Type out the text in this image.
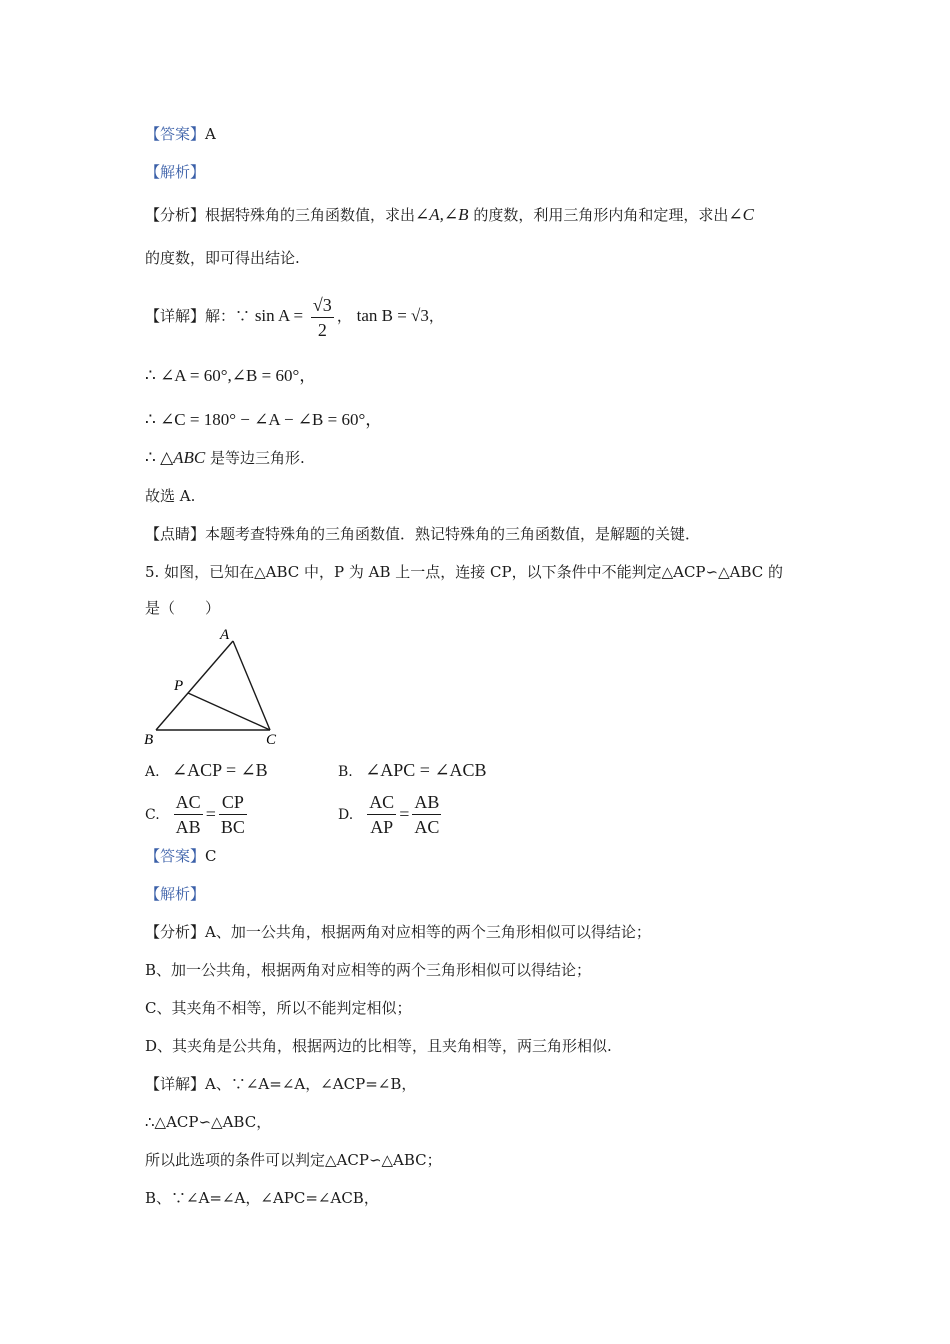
【答案】A
【解析】
【分析】根据特殊角的三角函数值，求出∠A,∠B 的度数，利用三角形内角和定理，求出∠C
的度数，即可得出结论.
【详解】解：∵ $\sin A = \frac{√3}{2}$ ， tan B = √3，
∴ ∠A = 60°,∠B = 60°，
∴ ∠C = 180° − ∠A − ∠B = 60°，
∴ △ABC 是等边三角形.
故选 A.
【点睛】本题考查特殊角的三角函数值．熟记特殊角的三角函数值，是解题的关键．
5. 如图，已知在△ABC 中，P 为 AB 上一点，连接 CP，以下条件中不能判定△ACP∽△ABC 的
是（　　）
A
P
B	C
A. ∠ACP = ∠B	B. ∠APC = ∠ACB
C. $\frac{AC}{AB} = \frac{CP}{BC}$	D. $\frac{AC}{AP} = \frac{AB}{AC}$
【答案】C
【解析】
【分析】A、加一公共角，根据两角对应相等的两个三角形相似可以得结论；
B、加一公共角，根据两角对应相等的两个三角形相似可以得结论；
C、其夹角不相等，所以不能判定相似；
D、其夹角是公共角，根据两边的比相等，且夹角相等，两三角形相似.
【详解】A、∵∠A=∠A，∠ACP=∠B，
∴△ACP∽△ABC，
所以此选项的条件可以判定△ACP∽△ABC；
B、∵∠A=∠A，∠APC=∠ACB，
